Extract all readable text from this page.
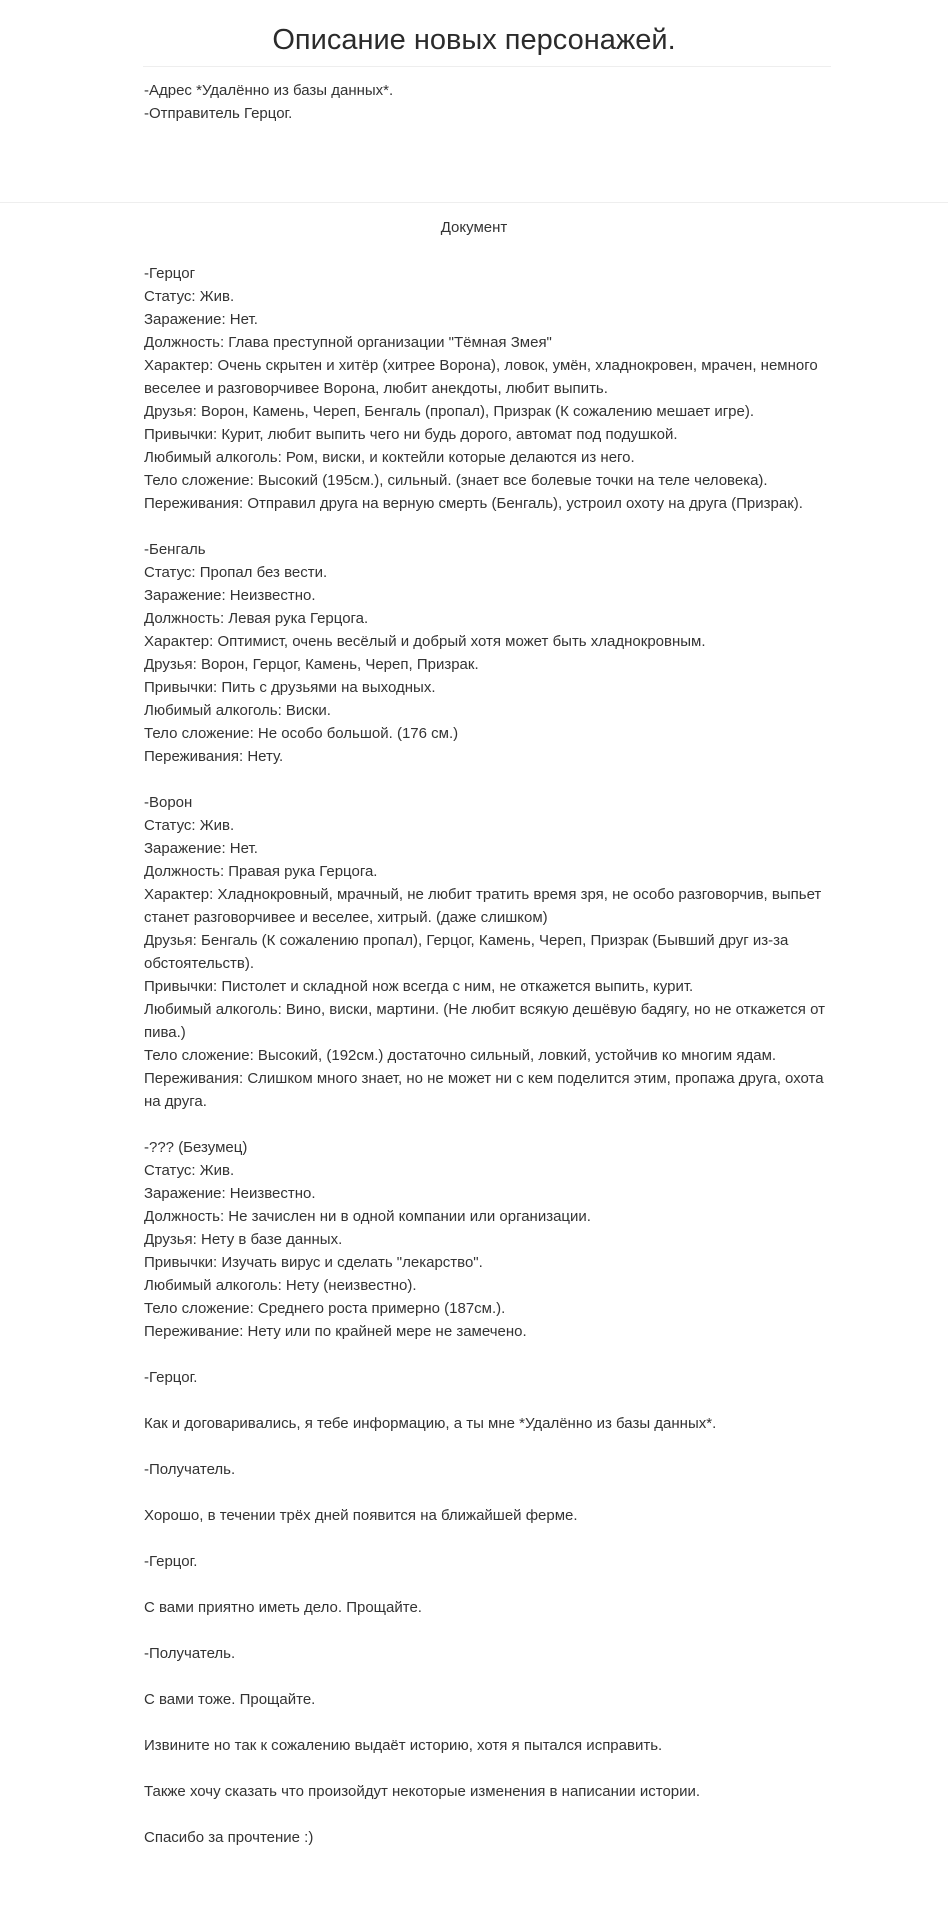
Описание новых персонажей.
-Адрес *Удалённо из базы данных*.
-Отправитель Герцог.
Документ
-Герцог
Статус: Жив.
Заражение: Нет.
Должность: Глава преступной организации "Тёмная Змея"
Характер: Очень скрытен и хитёр (хитрее Ворона), ловок, умён, хладнокровен, мрачен, немного веселее и разговорчивее Ворона, любит анекдоты, любит выпить.
Друзья: Ворон, Камень, Череп, Бенгаль (пропал), Призрак (К сожалению мешает игре).
Привычки: Курит, любит выпить чего ни будь дорого, автомат под подушкой.
Любимый алкоголь: Ром, виски, и коктейли которые делаются из него.
Тело сложение: Высокий (195см.), сильный. (знает все болевые точки на теле человека).
Переживания: Отправил друга на верную смерть (Бенгаль), устроил охоту на друга (Призрак).
-Бенгаль
Статус: Пропал без вести.
Заражение: Неизвестно.
Должность: Левая рука Герцога.
Характер: Оптимист, очень весёлый и добрый хотя может быть хладнокровным.
Друзья: Ворон, Герцог, Камень, Череп, Призрак.
Привычки: Пить с друзьями на выходных.
Любимый алкоголь: Виски.
Тело сложение: Не особо большой. (176 см.)
Переживания: Нету.
-Ворон
Статус: Жив.
Заражение: Нет.
Должность: Правая рука Герцога.
Характер: Хладнокровный, мрачный, не любит тратить время зря, не особо разговорчив, выпьет станет разговорчивее и веселее, хитрый. (даже слишком)
Друзья: Бенгаль (К сожалению пропал), Герцог, Камень, Череп, Призрак (Бывший друг из-за обстоятельств).
Привычки: Пистолет и складной нож всегда с ним, не откажется выпить, курит.
Любимый алкоголь: Вино, виски, мартини. (Не любит всякую дешёвую бадягу, но не откажется от пива.)
Тело сложение: Высокий, (192см.) достаточно сильный, ловкий, устойчив ко многим ядам.
Переживания: Слишком много знает, но не может ни с кем поделится этим, пропажа друга, охота на друга.
-??? (Безумец)
Статус: Жив.
Заражение: Неизвестно.
Должность: Не зачислен ни в одной компании или организации.
Друзья: Нету в базе данных.
Привычки: Изучать вирус и сделать "лекарство".
Любимый алкоголь: Нету (неизвестно).
Тело сложение: Среднего роста примерно (187см.).
Переживание: Нету или по крайней мере не замечено.
-Герцог.
Как и договаривались, я тебе информацию, а ты мне *Удалённо из базы данных*.
-Получатель.
Хорошо, в течении трёх дней появится на ближайшей ферме.
-Герцог.
С вами приятно иметь дело. Прощайте.
-Получатель.
С вами тоже. Прощайте.
Извините но так к сожалению выдаёт историю, хотя я пытался исправить.
Также хочу сказать что произойдут некоторые изменения в написании истории.
Спасибо за прочтение :)
